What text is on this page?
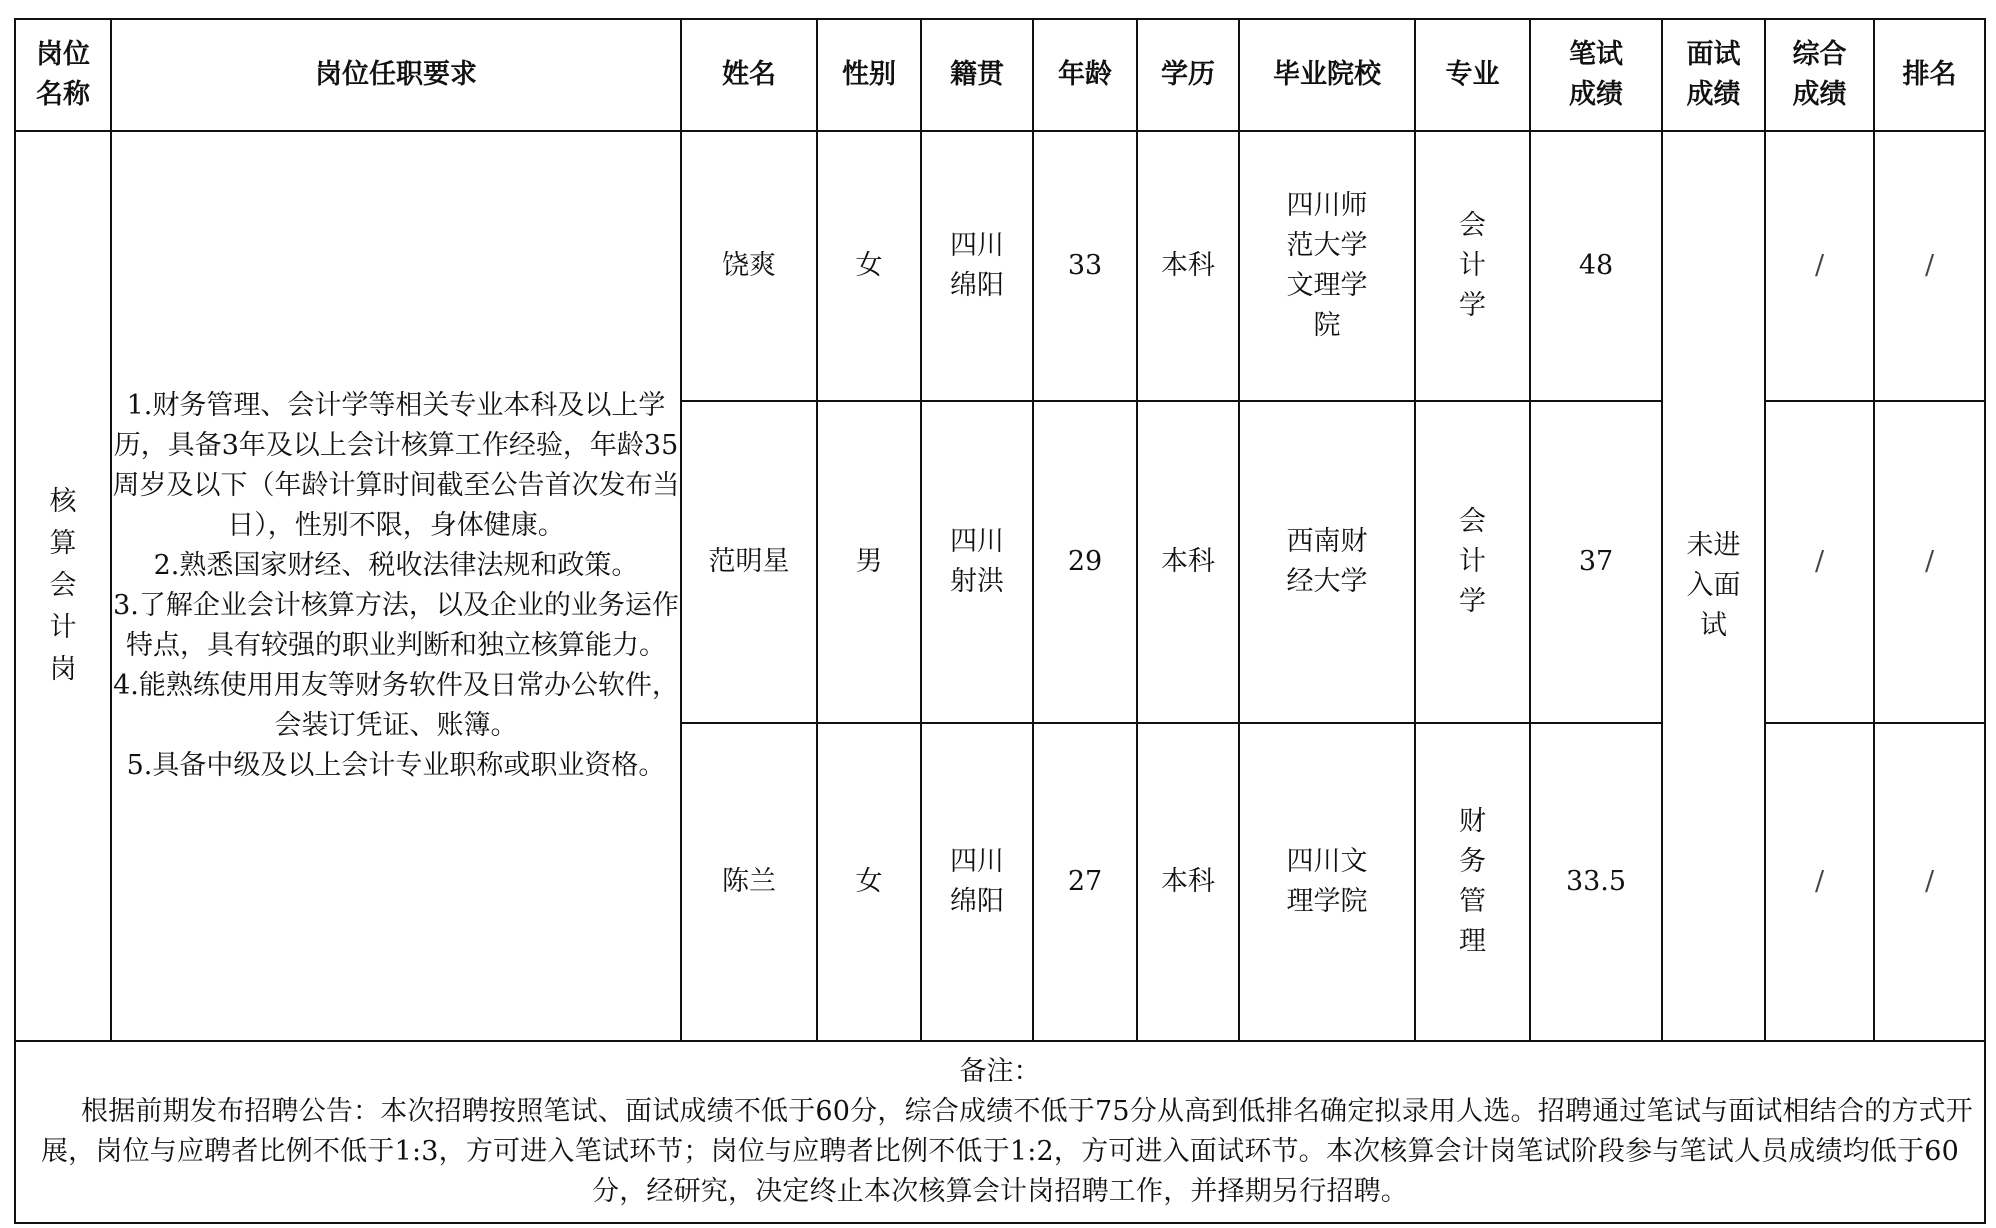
岗位名称	岗位任职要求	姓名	性别	籍贯	年龄	学历	毕业院校	专业	笔试成绩	面试成绩	综合成绩	排名
核算会计岗	1.财务管理、会计学等相关专业本科及以上学历，具备3年及以上会计核算工作经验，年龄35周岁及以下（年龄计算时间截至公告首次发布当日），性别不限，身体健康。
2.熟悉国家财经、税收法律法规和政策。
3.了解企业会计核算方法，以及企业的业务运作特点，具有较强的职业判断和独立核算能力。
4.能熟练使用用友等财务软件及日常办公软件，会装订凭证、账簿。
5.具备中级及以上会计专业职称或职业资格。	饶爽	女	四川绵阳	33	本科	四川师范大学文理学院	会计学	48	未进入面试	/	/
		范明星	男	四川射洪	29	本科	西南财经大学	会计学	37		/	/
		陈兰	女	四川绵阳	27	本科	四川文理学院	财务管理	33.5		/	/

备注：
根据前期发布招聘公告：本次招聘按照笔试、面试成绩不低于60分，综合成绩不低于75分从高到低排名确定拟录用人选。招聘通过笔试与面试相结合的方式开展，岗位与应聘者比例不低于1:3，方可进入笔试环节；岗位与应聘者比例不低于1:2，方可进入面试环节。本次核算会计岗笔试阶段参与笔试人员成绩均低于60分，经研究，决定终止本次核算会计岗招聘工作，并择期另行招聘。												
